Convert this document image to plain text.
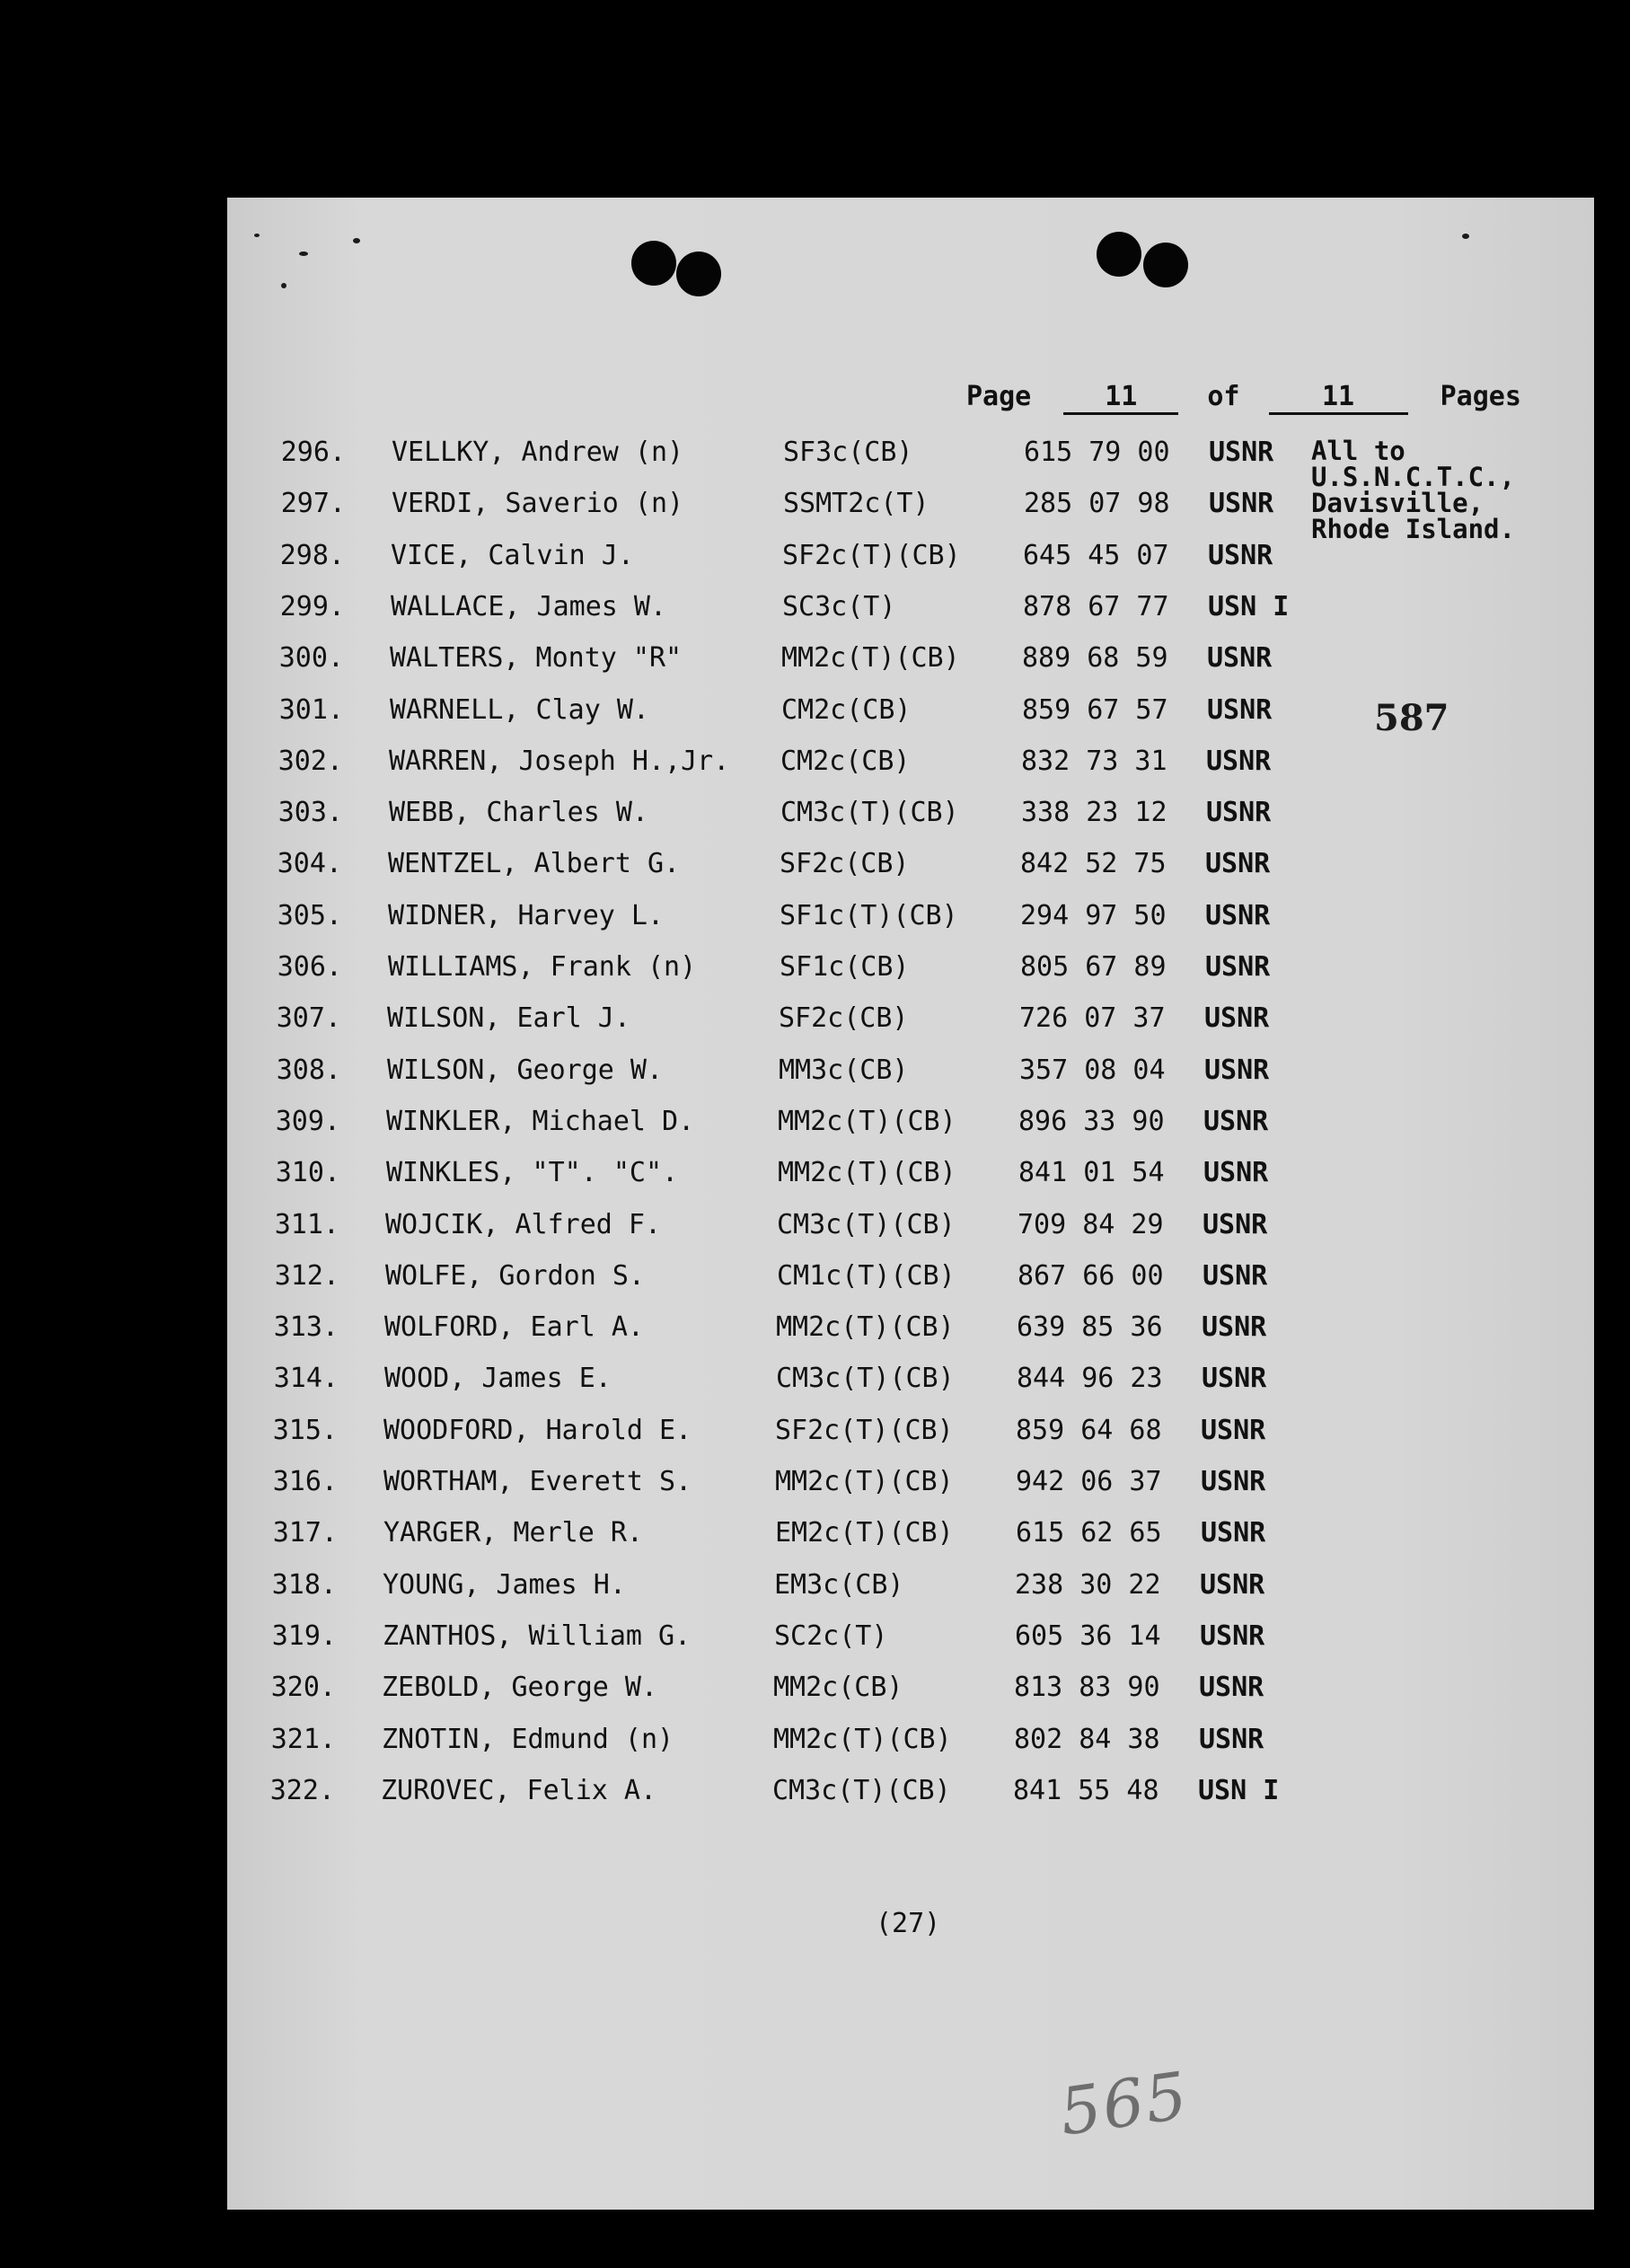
Page	11	of	11	Pages
All to
U.S.N.C.T.C.,
Davisville,
Rhode Island.
587
296. VELLKY, Andrew (n)	SF3c(CB)	615 79 00 USNR
297. VERDI, Saverio (n)	SSMT2c(T)	285 07 98 USNR
298. VICE, Calvin J.	SF2c(T)(CB) 645 45 07 USNR
299. WALLACE, James W.	SC3c(T)	878 67 77 USN I
300. WALTERS, Monty "R"	MM2c(T)(CB) 889 68 59 USNR
301. WARNELL, Clay W.	CM2c(CB)	859 67 57 USNR
302. WARREN, Joseph H.,Jr. CM2c(CB)	832 73 31 USNR
303. WEBB, Charles W.	CM3c(T)(CB) 338 23 12 USNR
304. WENTZEL, Albert G.	SF2c(CB)	842 52 75 USNR
305. WIDNER, Harvey L.	SF1c(T)(CB) 294 97 50 USNR
306. WILLIAMS, Frank (n)	SF1c(CB)	805 67 89 USNR
307. WILSON, Earl J.	SF2c(CB)	726 07 37 USNR
308. WILSON, George W.	MM3c(CB)	357 08 04 USNR
309. WINKLER, Michael D.	MM2c(T)(CB) 896 33 90 USNR
310. WINKLES, "T". "C".	MM2c(T)(CB) 841 01 54 USNR
311. WOJCIK, Alfred F.	CM3c(T)(CB) 709 84 29 USNR
312. WOLFE, Gordon S.	CM1c(T)(CB) 867 66 00 USNR
313. WOLFORD, Earl A.	MM2c(T)(CB) 639 85 36 USNR
314. WOOD, James E.	CM3c(T)(CB) 844 96 23 USNR
315. WOODFORD, Harold E.	SF2c(T)(CB) 859 64 68 USNR
316. WORTHAM, Everett S.	MM2c(T)(CB) 942 06 37 USNR
317. YARGER, Merle R.	EM2c(T)(CB) 615 62 65 USNR
318. YOUNG, James H.	EM3c(CB)	238 30 22 USNR
319. ZANTHOS, William G.	SC2c(T)	605 36 14 USNR
320. ZEBOLD, George W.	MM2c(CB)	813 83 90 USNR
321. ZNOTIN, Edmund (n)	MM2c(T)(CB) 802 84 38 USNR
322. ZUROVEC, Felix A.	CM3c(T)(CB) 841 55 48 USN I
(27)
565
